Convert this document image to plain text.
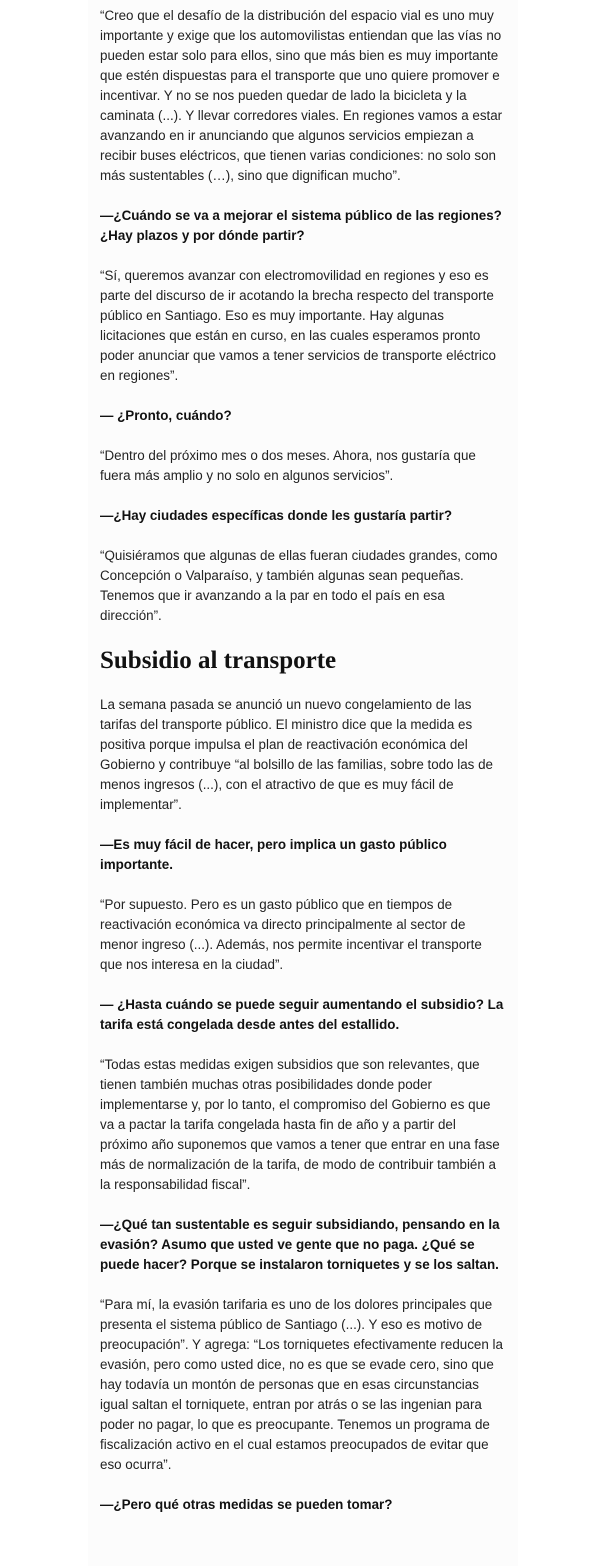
“Creo que el desafío de la distribución del espacio vial es uno muy importante y exige que los automovilistas entiendan que las vías no pueden estar solo para ellos, sino que más bien es muy importante que estén dispuestas para el transporte que uno quiere promover e incentivar. Y no se nos pueden quedar de lado la bicicleta y la caminata (...). Y llevar corredores viales. En regiones vamos a estar avanzando en ir anunciando que algunos servicios empiezan a recibir buses eléctricos, que tienen varias condiciones: no solo son más sustentables (…), sino que dignifican mucho”.

—¿Cuándo se va a mejorar el sistema público de las regiones? ¿Hay plazos y por dónde partir?

“Sí, queremos avanzar con electromovilidad en regiones y eso es parte del discurso de ir acotando la brecha respecto del transporte público en Santiago. Eso es muy importante. Hay algunas licitaciones que están en curso, en las cuales esperamos pronto poder anunciar que vamos a tener servicios de transporte eléctrico en regiones”.

— ¿Pronto, cuándo?

“Dentro del próximo mes o dos meses. Ahora, nos gustaría que fuera más amplio y no solo en algunos servicios”.

—¿Hay ciudades específicas donde les gustaría partir?

“Quisiéramos que algunas de ellas fueran ciudades grandes, como Concepción o Valparaíso, y también algunas sean pequeñas. Tenemos que ir avanzando a la par en todo el país en esa dirección”.

Subsidio al transporte

La semana pasada se anunció un nuevo congelamiento de las tarifas del transporte público. El ministro dice que la medida es positiva porque impulsa el plan de reactivación económica del Gobierno y contribuye “al bolsillo de las familias, sobre todo las de menos ingresos (...), con el atractivo de que es muy fácil de implementar”.

—Es muy fácil de hacer, pero implica un gasto público importante.

“Por supuesto. Pero es un gasto público que en tiempos de reactivación económica va directo principalmente al sector de menor ingreso (...). Además, nos permite incentivar el transporte que nos interesa en la ciudad”.

— ¿Hasta cuándo se puede seguir aumentando el subsidio? La tarifa está congelada desde antes del estallido.

“Todas estas medidas exigen subsidios que son relevantes, que tienen también muchas otras posibilidades donde poder implementarse y, por lo tanto, el compromiso del Gobierno es que va a pactar la tarifa congelada hasta fin de año y a partir del próximo año suponemos que vamos a tener que entrar en una fase más de normalización de la tarifa, de modo de contribuir también a la responsabilidad fiscal”.

—¿Qué tan sustentable es seguir subsidiando, pensando en la evasión? Asumo que usted ve gente que no paga. ¿Qué se puede hacer? Porque se instalaron torniquetes y se los saltan.

“Para mí, la evasión tarifaria es uno de los dolores principales que presenta el sistema público de Santiago (...). Y eso es motivo de preocupación”. Y agrega: “Los torniquetes efectivamente reducen la evasión, pero como usted dice, no es que se evade cero, sino que hay todavía un montón de personas que en esas circunstancias igual saltan el torniquete, entran por atrás o se las ingenian para poder no pagar, lo que es preocupante. Tenemos un programa de fiscalización activo en el cual estamos preocupados de evitar que eso ocurra”.

—¿Pero qué otras medidas se pueden tomar?
